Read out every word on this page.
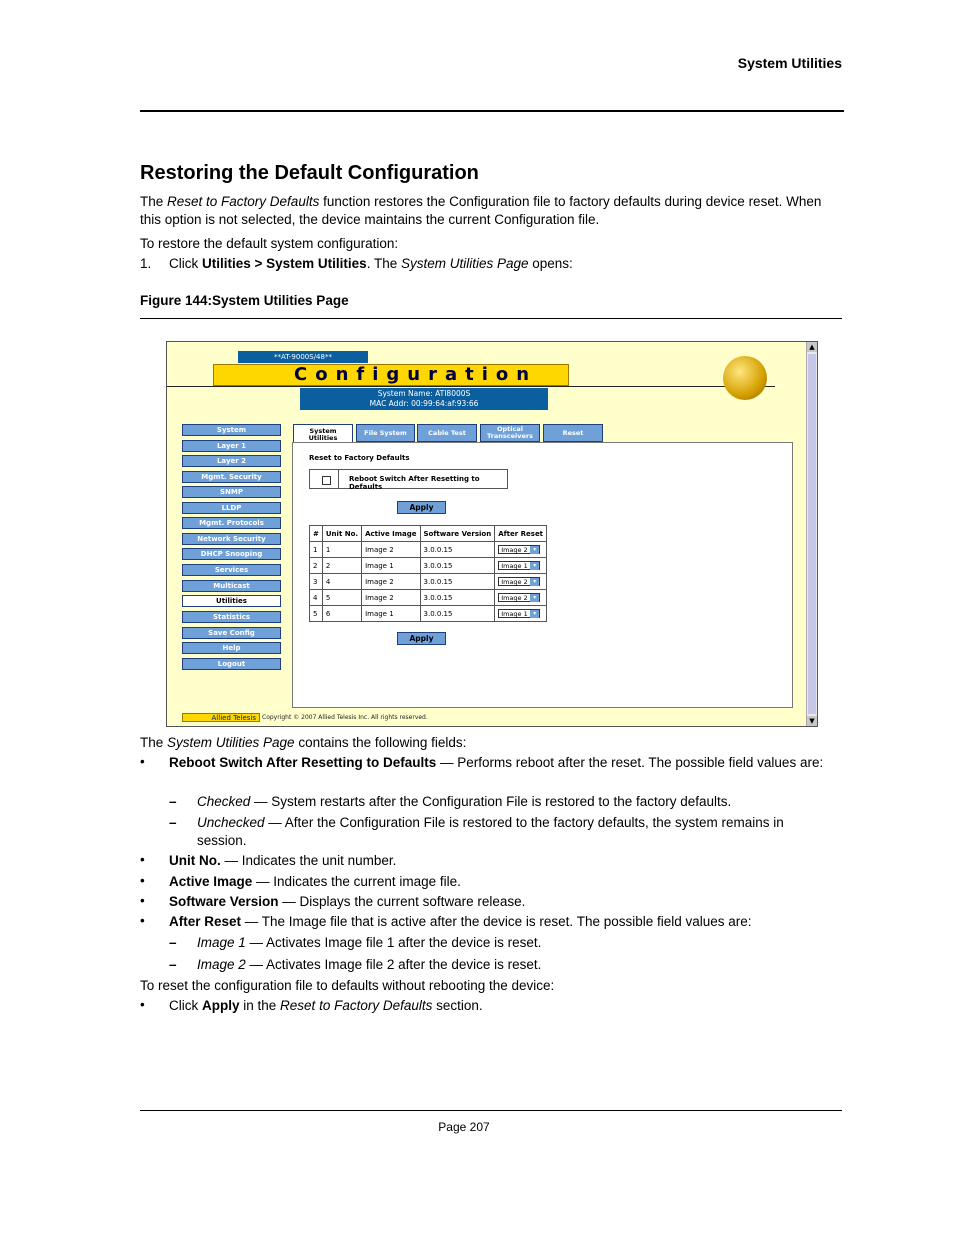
System Utilities
Restoring the Default Configuration
The Reset to Factory Defaults function restores the Configuration file to factory defaults during device reset. When this option is not selected, the device maintains the current Configuration file.
To restore the default system configuration:
1. Click Utilities > System Utilities. The System Utilities Page opens:
Figure 144:System Utilities Page
▲
▼
**AT-9000S/48**
Configuration
System Name: ATI8000S
MAC Addr: 00:99:64:af:93:66
System
Layer 1
Layer 2
Mgmt. Security
SNMP
LLDP
Mgmt. Protocols
Network Security
DHCP Snooping
Services
Multicast
Utilities
Statistics
Save Config
Help
Logout
System Utilities
File System	Cable Test	Optical Transceivers	Reset
Reset to Factory Defaults
Reboot Switch After Resetting to Defaults
Apply
#	Unit No.	Active Image	Software Version	After Reset
1	1	Image 2	3.0.0.15	Image 2 ▾

2	2	Image 1	3.0.0.15	Image 1 ▾

3	4	Image 2	3.0.0.15	Image 2 ▾

4	5	Image 2	3.0.0.15	Image 2 ▾

5	6	Image 1	3.0.0.15	Image 1 ▾
Apply
Allied Telesis	Copyright © 2007 Allied Telesis Inc. All rights reserved.
The System Utilities Page contains the following fields:
• Reboot Switch After Resetting to Defaults — Performs reboot after the reset. The possible field values are:
– Checked — System restarts after the Configuration File is restored to the factory defaults.
– Unchecked — After the Configuration File is restored to the factory defaults, the system remains in session.
• Unit No. — Indicates the unit number.
• Active Image — Indicates the current image file.
• Software Version — Displays the current software release.
• After Reset — The Image file that is active after the device is reset. The possible field values are:
– Image 1 — Activates Image file 1 after the device is reset.
– Image 2 — Activates Image file 2 after the device is reset.
To reset the configuration file to defaults without rebooting the device:
• Click Apply in the Reset to Factory Defaults section.
Page 207
